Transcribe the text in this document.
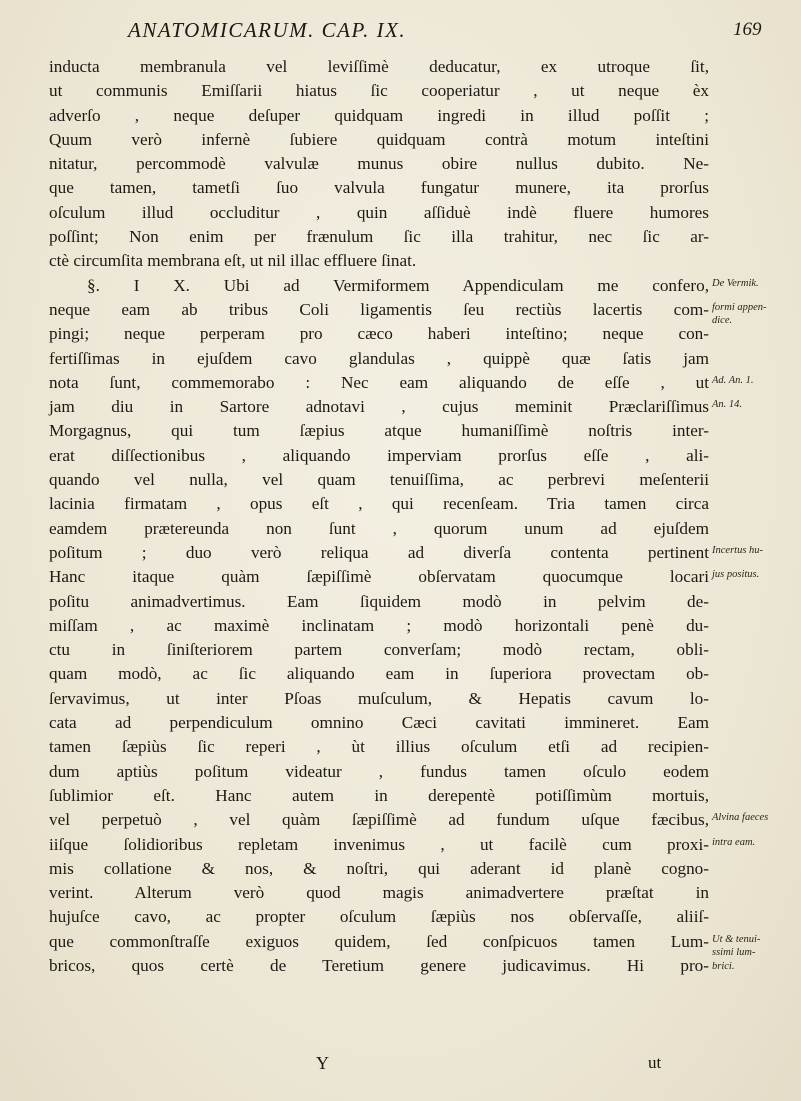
ANATOMICARUM. CAP. IX.	169
inducta membranula vel leviſſimè deducatur, ex utroque ſit,
ut communis Emiſſarii hiatus ſic cooperiatur , ut neque èx
adverſo , neque deſuper quidquam ingredi in illud poſſit ;
Quum verò infernè ſubiere quidquam contrà motum inteſtini
nitatur, percommodè valvulæ munus obire nullus dubito. Ne-
que tamen, tametſi ſuo valvula fungatur munere, ita prorſus
oſculum illud occluditur , quin aſſiduè indè fluere humores
poſſint; Non enim per frænulum ſic illa trahitur, nec ſic ar-
ctè circumſita membrana eſt, ut nil illac effluere ſinat.
§. I X. Ubi ad Vermiformem Appendiculam me confero,
neque eam ab tribus Coli ligamentis ſeu rectiùs lacertis com-
pingi; neque perperam pro cæco haberi inteſtino; neque con-
fertiſſimas in ejuſdem cavo glandulas , quippè quæ ſatis jam
nota ſunt, commemorabo : Nec eam aliquando de eſſe , ut
jam diu in Sartore adnotavi , cujus meminit Præclariſſimus
Morgagnus, qui tum ſæpius atque humaniſſimè noſtris inter-
erat diſſectionibus , aliquando imperviam prorſus eſſe , ali-
quando vel nulla, vel quam tenuiſſima, ac perbrevi meſenterii
lacinia firmatam , opus eſt , qui recenſeam. Tria tamen circa
eamdem prætereunda non ſunt , quorum unum ad ejuſdem
poſitum ; duo verò reliqua ad diverſa contenta pertinent
Hanc itaque quàm ſæpiſſimè obſervatam quocumque locari
poſitu animadvertimus. Eam ſiquidem modò in pelvim de-
miſſam , ac maximè inclinatam ; modò horizontali penè du-
ctu in ſiniſteriorem partem converſam; modò rectam, obli-
quam modò, ac ſic aliquando eam in ſuperiora provectam ob-
ſervavimus, ut inter Pſoas muſculum, & Hepatis cavum lo-
cata ad perpendiculum omnino Cæci cavitati immineret. Eam
tamen ſæpiùs ſic reperi , ùt illius oſculum etſi ad recipien-
dum aptiùs poſitum videatur , fundus tamen oſculo eodem
ſublimior eſt. Hanc autem in derepentè potiſſimùm mortuis,
vel perpetuò , vel quàm ſæpiſſimè ad fundum uſque fæcibus,
iiſque ſolidioribus repletam invenimus , ut facilè cum proxi-
mis collatione & nos, & noſtri, qui aderant id planè cogno-
verint. Alterum verò quod magis animadvertere præſtat in
hujuſce cavo, ac propter oſculum ſæpiùs nos obſervaſſe, aliiſ-
que commonſtraſſe exiguos quidem, ſed conſpicuos tamen Lum-
bricos, quos certè de Teretium genere judicavimus. Hi pro-
De Vermik.
formi appen-
dice.
Ad. An. 1.
An. 14.
Incertus hu-
jus positus.
Alvina faeces
intra eam.
Ut & tenui-
ssimi lum-
brici.
Y	ut
